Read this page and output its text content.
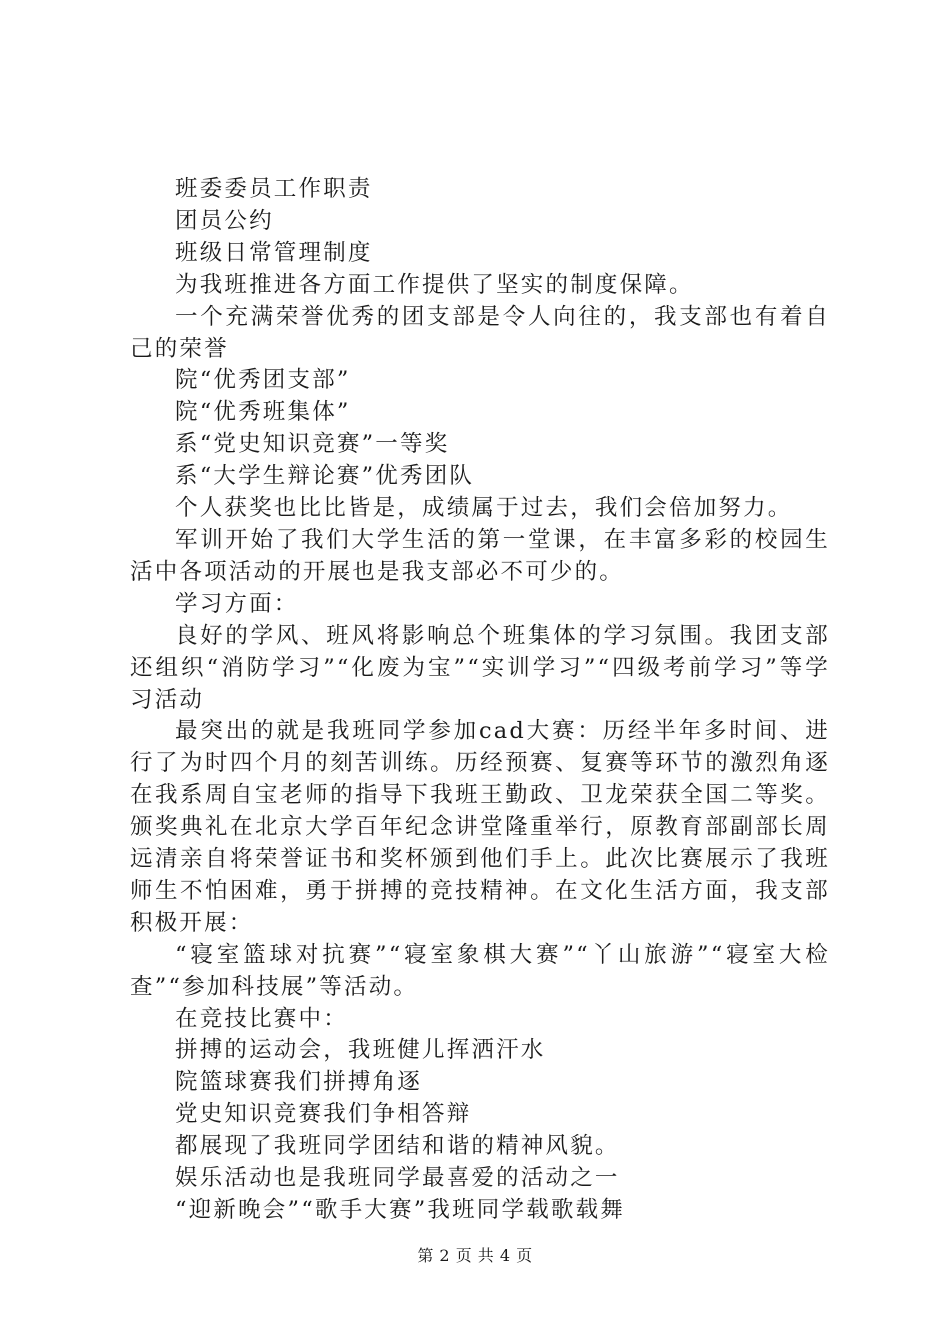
班委委员工作职责

团员公约

班级日常管理制度

为我班推进各方面工作提供了坚实的制度保障。

一个充满荣誉优秀的团支部是令人向往的，我支部也有着自己的荣誉

院“优秀团支部”

院“优秀班集体”

系“党史知识竞赛”一等奖

系“大学生辩论赛”优秀团队

个人获奖也比比皆是，成绩属于过去，我们会倍加努力。

军训开始了我们大学生活的第一堂课，在丰富多彩的校园生活中各项活动的开展也是我支部必不可少的。

学习方面：

良好的学风、班风将影响总个班集体的学习氛围。我团支部还组织“消防学习”“化废为宝”“实训学习”“四级考前学习”等学习活动

最突出的就是我班同学参加cad大赛：历经半年多时间、进行了为时四个月的刻苦训练。历经预赛、复赛等环节的激烈角逐在我系周自宝老师的指导下我班王勤政、卫龙荣获全国二等奖。颁奖典礼在北京大学百年纪念讲堂隆重举行，原教育部副部长周远清亲自将荣誉证书和奖杯颁到他们手上。此次比赛展示了我班师生不怕困难，勇于拼搏的竞技精神。在文化生活方面，我支部积极开展：

“寝室篮球对抗赛”“寝室象棋大赛”“丫山旅游”“寝室大检查”“参加科技展”等活动。

在竞技比赛中：

拼搏的运动会，我班健儿挥洒汗水

院篮球赛我们拼搏角逐

党史知识竞赛我们争相答辩

都展现了我班同学团结和谐的精神风貌。

娱乐活动也是我班同学最喜爱的活动之一

“迎新晚会”“歌手大赛”我班同学载歌载舞

第 2 页 共 4 页
